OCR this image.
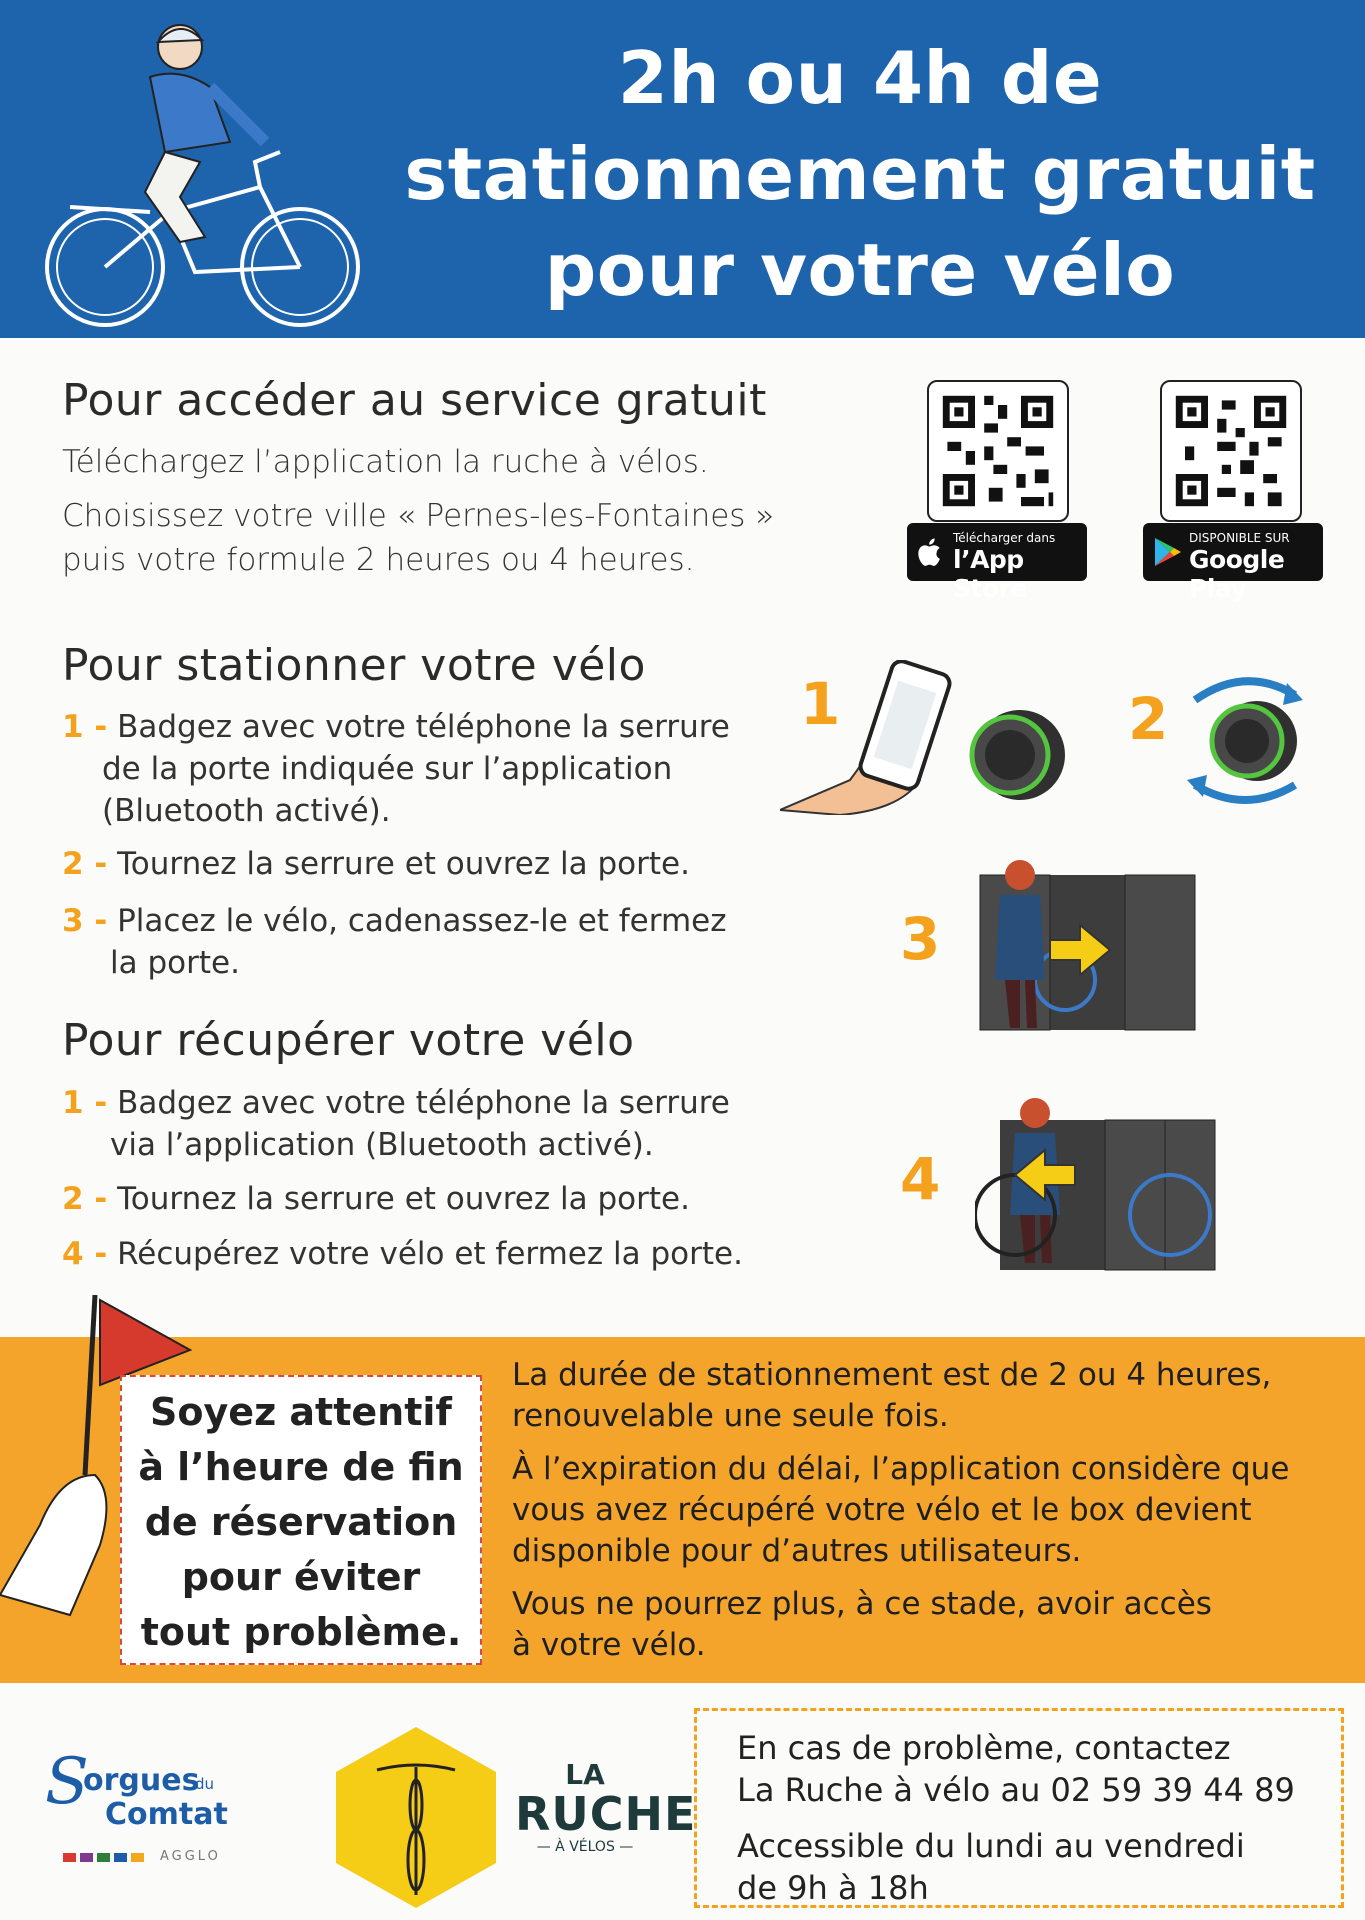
2h ou 4h de
stationnement gratuit
pour votre vélo
Pour accéder au service gratuit
Téléchargez l’application la ruche à vélos.
Choisissez votre ville « Pernes-les-Fontaines »
puis votre formule 2 heures ou 4 heures.
Télécharger dans
l’App Store
DISPONIBLE SUR
Google Play
Pour stationner votre vélo
1 - Badgez avec votre téléphone la serrure
de la porte indiquée sur l’application
(Bluetooth activé).
2 - Tournez la serrure et ouvrez la porte.
3 - Placez le vélo, cadenassez-le et fermez
la porte.
Pour récupérer votre vélo
1 - Badgez avec votre téléphone la serrure
via l’application (Bluetooth activé).
2 - Tournez la serrure et ouvrez la porte.
4 - Récupérez votre vélo et fermez la porte.
1	2
3
4
Soyez attentif
à l’heure de fin
de réservation
pour éviter
tout problème.

La durée de stationnement est de 2 ou 4 heures,
renouvelable une seule fois.

À l’expiration du délai, l’application considère que
vous avez récupéré votre vélo et le box devient
disponible pour d’autres utilisateurs.

Vous ne pourrez plus, à ce stade, avoir accès
à votre vélo.

S
orgues
du
Comtat
AGGLO
LA
RUCHE
— À VÉLOS —

En cas de problème, contactez
La Ruche à vélo au 02 59 39 44 89

Accessible du lundi au vendredi
de 9h à 18h
